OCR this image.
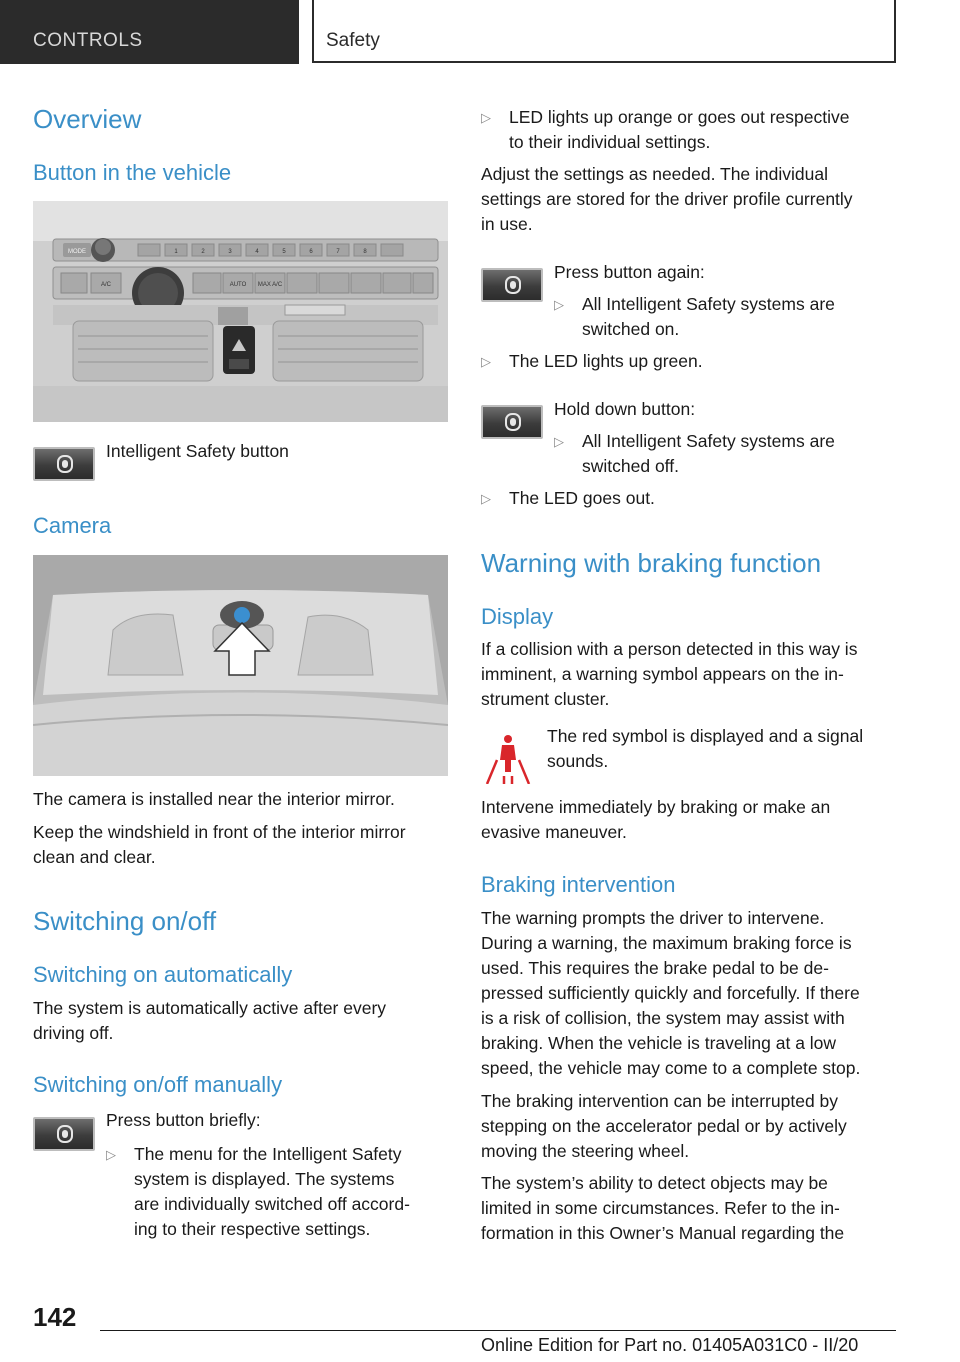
CONTROLS	Safety
Overview
Button in the vehicle
MODE	1	2	3	4	5	6	7	8
A/C	AUTO MAX A/C
Intelligent Safety button
Camera
The camera is installed near the interior mirror.
Keep the windshield in front of the interior mirror
clean and clear.
Switching on/off
Switching on automatically
The system is automatically active after every
driving off.
Switching on/off manually
Press button briefly:
▷ The menu for the Intelligent Safety
system is displayed. The systems
are individually switched off accord-
ing to their respective settings.
▷ LED lights up orange or goes out respective
to their individual settings.
Adjust the settings as needed. The individual
settings are stored for the driver profile currently
in use.
Press button again:
▷ All Intelligent Safety systems are
switched on.
▷ The LED lights up green.
Hold down button:
▷ All Intelligent Safety systems are
switched off.
▷ The LED goes out.
Warning with braking function
Display
If a collision with a person detected in this way is
imminent, a warning symbol appears on the in-
strument cluster.
The red symbol is displayed and a signal
sounds.
Intervene immediately by braking or make an
evasive maneuver.
Braking intervention
The warning prompts the driver to intervene.
During a warning, the maximum braking force is
used. This requires the brake pedal to be de-
pressed sufficiently quickly and forcefully. If there
is a risk of collision, the system may assist with
braking. When the vehicle is traveling at a low
speed, the vehicle may come to a complete stop.
The braking intervention can be interrupted by
stepping on the accelerator pedal or by actively
moving the steering wheel.
The system’s ability to detect objects may be
limited in some circumstances. Refer to the in-
formation in this Owner’s Manual regarding the
142
Online Edition for Part no. 01405A031C0 - II/20
